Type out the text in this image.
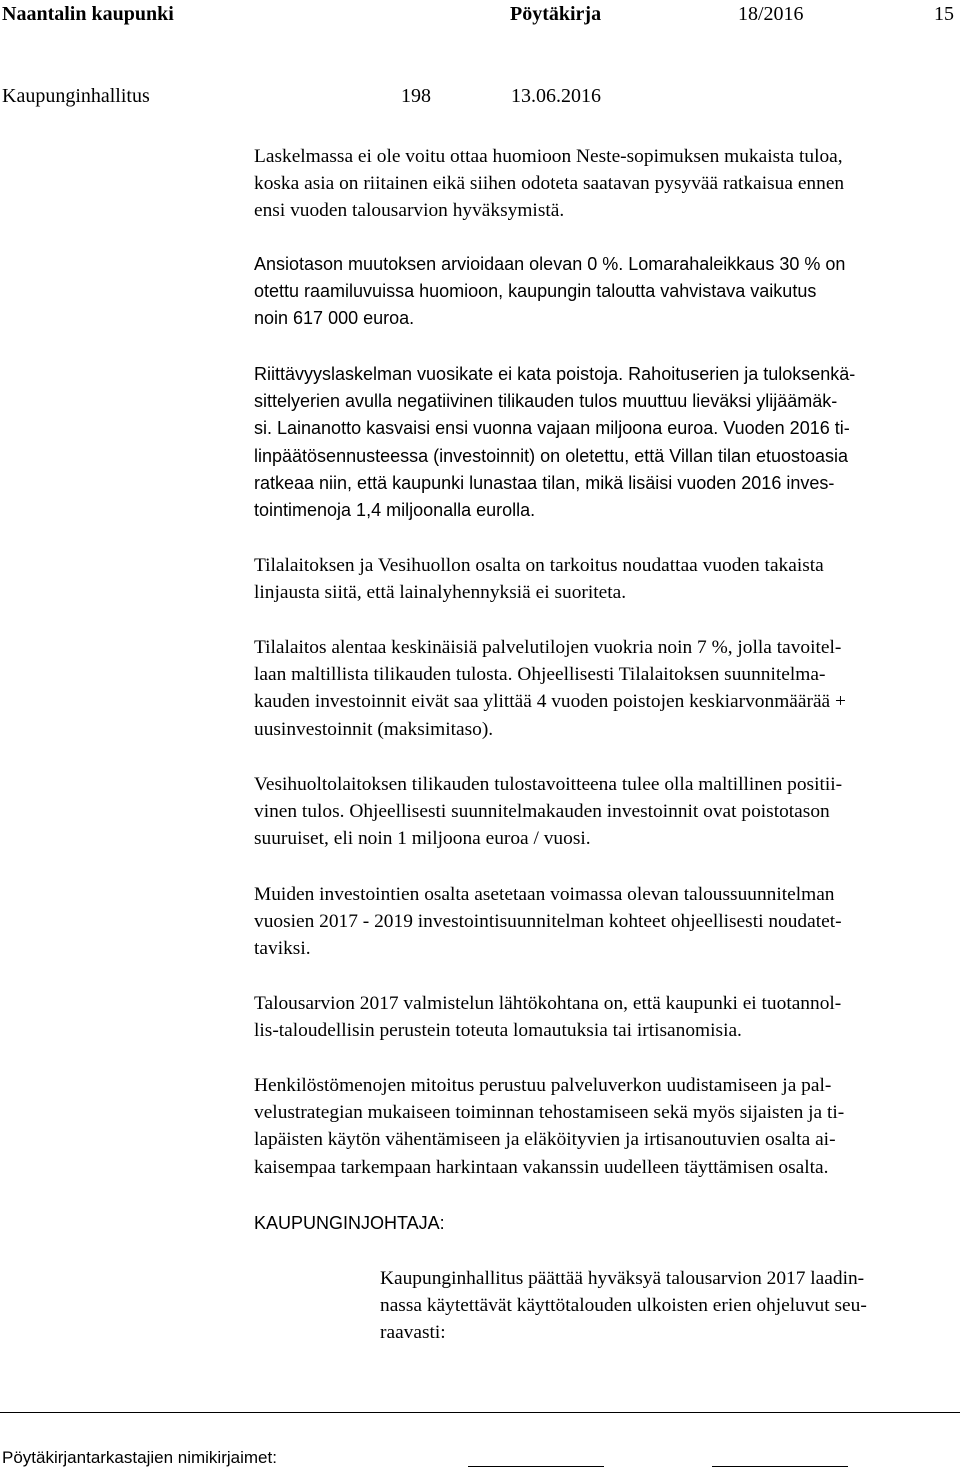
Naantalin kaupunki	Pöytäkirja	18/2016	15
Kaupunginhallitus	198	13.06.2016
Laskelmassa ei ole voitu ottaa huomioon Neste-sopimuksen mukaista tuloa,
koska asia on riitainen eikä siihen odoteta saatavan pysyvää ratkaisua ennen
ensi vuoden talousarvion hyväksymistä.
Ansiotason muutoksen arvioidaan olevan 0 %. Lomarahaleikkaus 30 % on
otettu raamiluvuissa huomioon, kaupungin taloutta vahvistava vaikutus
noin 617 000 euroa.
Riittävyyslaskelman vuosikate ei kata poistoja. Rahoituserien ja tuloksenkä-
sittelyerien avulla negatiivinen tilikauden tulos muuttuu lieväksi ylijäämäk-
si. Lainanotto kasvaisi ensi vuonna vajaan miljoona euroa. Vuoden 2016 ti-
linpäätösennusteessa (investoinnit) on oletettu, että Villan tilan etuostoasia
ratkeaa niin, että kaupunki lunastaa tilan, mikä lisäisi vuoden 2016 inves-
tointimenoja 1,4 miljoonalla eurolla.
Tilalaitoksen ja Vesihuollon osalta on tarkoitus noudattaa vuoden takaista
linjausta siitä, että lainalyhennyksiä ei suoriteta.
Tilalaitos alentaa keskinäisiä palvelutilojen vuokria noin 7 %, jolla tavoitel-
laan maltillista tilikauden tulosta. Ohjeellisesti Tilalaitoksen suunnitelma-
kauden investoinnit eivät saa ylittää 4 vuoden poistojen keskiarvonmäärää +
uusinvestoinnit (maksimitaso).
Vesihuoltolaitoksen tilikauden tulostavoitteena tulee olla maltillinen positii-
vinen tulos. Ohjeellisesti suunnitelmakauden investoinnit ovat poistotason
suuruiset, eli noin 1 miljoona euroa / vuosi.
Muiden investointien osalta asetetaan voimassa olevan taloussuunnitelman
vuosien 2017 - 2019 investointisuunnitelman kohteet ohjeellisesti noudatet-
taviksi.
Talousarvion 2017 valmistelun lähtökohtana on, että kaupunki ei tuotannol-
lis-taloudellisin perustein toteuta lomautuksia tai irtisanomisia.
Henkilöstömenojen mitoitus perustuu palveluverkon uudistamiseen ja pal-
velustrategian mukaiseen toiminnan tehostamiseen sekä myös sijaisten ja ti-
lapäisten käytön vähentämiseen ja eläköityvien ja irtisanoutuvien osalta ai-
kaisempaa tarkempaan harkintaan vakanssin uudelleen täyttämisen osalta.
KAUPUNGINJOHTAJA:
Kaupunginhallitus päättää hyväksyä talousarvion 2017 laadin-
nassa käytettävät käyttötalouden ulkoisten erien ohjeluvut seu-
raavasti:
Pöytäkirjantarkastajien nimikirjaimet:
